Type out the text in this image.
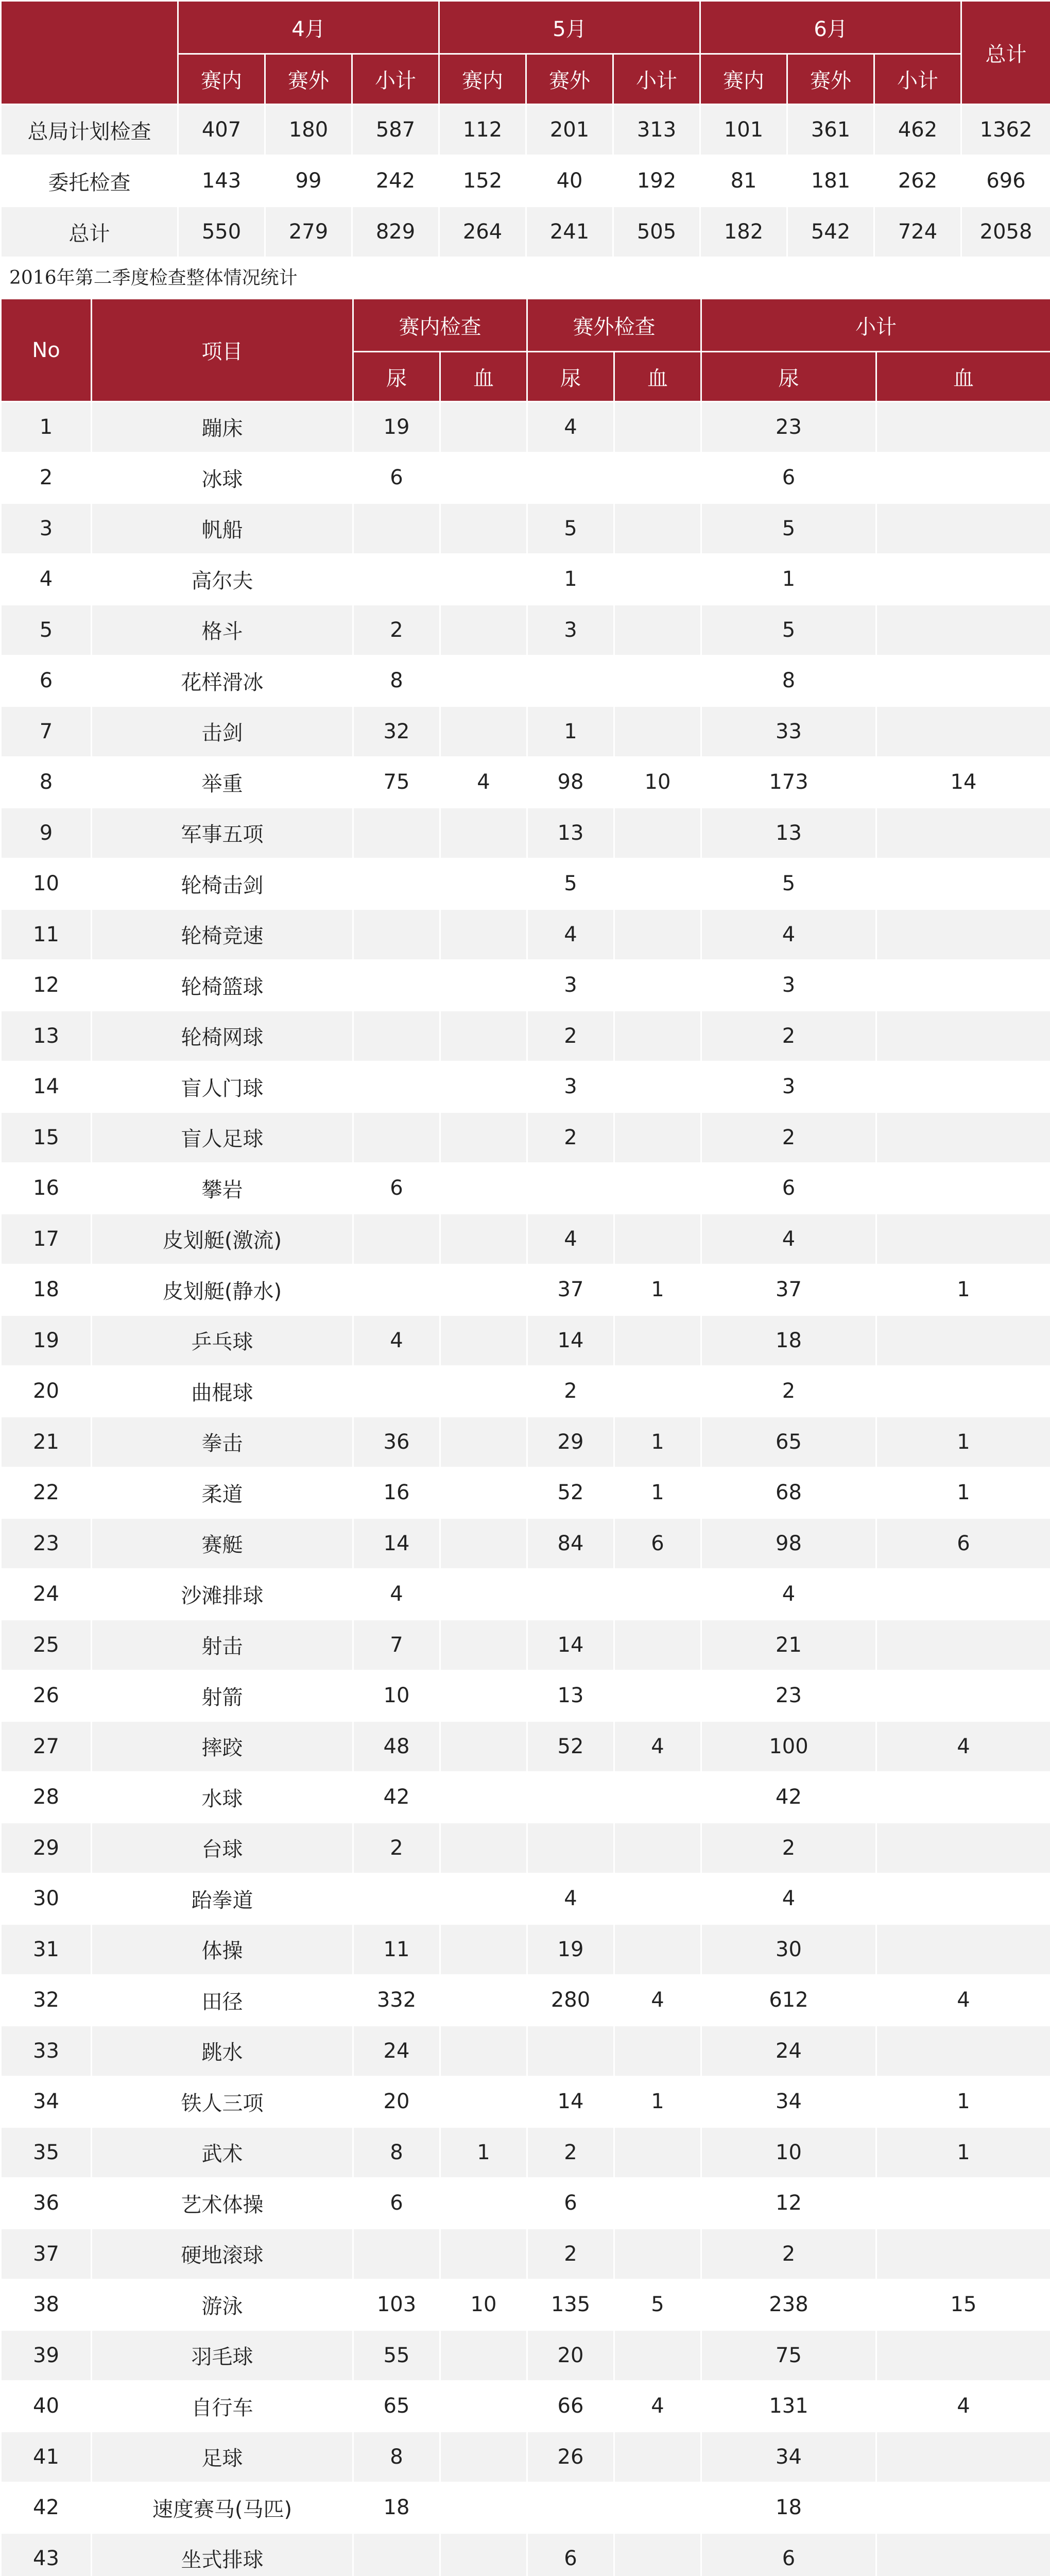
	4月			5月			6月			总计
	赛内	赛外	小计	赛内	赛外	小计	赛内	赛外	小计	
总局计划检查	407	180	587	112	201	313	101	361	462	1362
委托检查	143	99	242	152	40	192	81	181	262	696
总计	550	279	829	264	241	505	182	542	724	2058
2016年第二季度检查整体情况统计
No	项目	赛内检查		赛外检查		小计	
		尿	血	尿	血	尿	血
1	蹦床	19		4		23	
2	冰球	6				6	
3	帆船			5		5	
4	高尔夫			1		1	
5	格斗	2		3		5	
6	花样滑冰	8				8	
7	击剑	32		1		33	
8	举重	75	4	98	10	173	14
9	军事五项			13		13	
10	轮椅击剑			5		5	
11	轮椅竞速			4		4	
12	轮椅篮球			3		3	
13	轮椅网球			2		2	
14	盲人门球			3		3	
15	盲人足球			2		2	
16	攀岩	6				6	
17	皮划艇(激流)			4		4	
18	皮划艇(静水)			37	1	37	1
19	乒乓球	4		14		18	
20	曲棍球			2		2	
21	拳击	36		29	1	65	1
22	柔道	16		52	1	68	1
23	赛艇	14		84	6	98	6
24	沙滩排球	4				4	
25	射击	7		14		21	
26	射箭	10		13		23	
27	摔跤	48		52	4	100	4
28	水球	42				42	
29	台球	2				2	
30	跆拳道			4		4	
31	体操	11		19		30	
32	田径	332		280	4	612	4
33	跳水	24				24	
34	铁人三项	20		14	1	34	1
35	武术	8	1	2		10	1
36	艺术体操	6		6		12	
37	硬地滚球			2		2	
38	游泳	103	10	135	5	238	15
39	羽毛球	55		20		75	
40	自行车	65		66	4	131	4
41	足球	8		26		34	
42	速度赛马(马匹)	18				18	
43	坐式排球			6		6	
